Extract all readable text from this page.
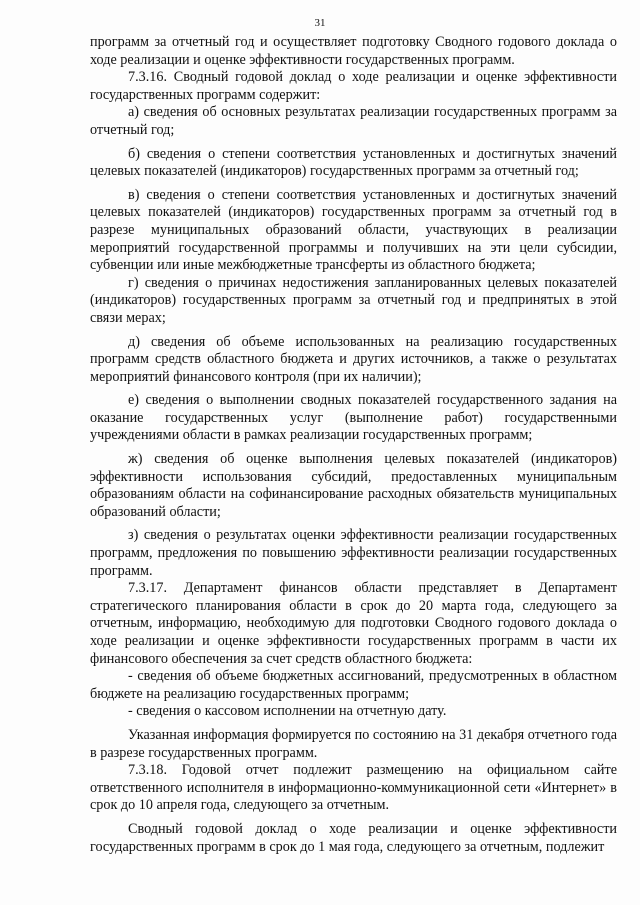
31

программ за отчетный год и осуществляет подготовку Сводного годового доклада о ходе реализации и оценке эффективности государственных программ.

7.3.16. Сводный годовой доклад о ходе реализации и оценке эффективности государственных программ содержит:

а) сведения об основных результатах реализации государственных программ за отчетный год;

б) сведения о степени соответствия установленных и достигнутых значений целевых показателей (индикаторов) государственных программ за отчетный год;

в) сведения о степени соответствия установленных и достигнутых значений целевых показателей (индикаторов) государственных программ за отчетный год в разрезе муниципальных образований области, участвующих в реализации мероприятий государственной программы и получивших на эти цели субсидии, субвенции или иные межбюджетные трансферты из областного бюджета;

г) сведения о причинах недостижения запланированных целевых показателей (индикаторов) государственных программ за отчетный год и предпринятых в этой связи мерах;

д) сведения об объеме использованных на реализацию государственных программ средств областного бюджета и других источников, а также о результатах мероприятий финансового контроля (при их наличии);

е) сведения о выполнении сводных показателей государственного задания на оказание государственных услуг (выполнение работ) государственными учреждениями области в рамках реализации государственных программ;

ж) сведения об оценке выполнения целевых показателей (индикаторов) эффективности использования субсидий, предоставленных муниципальным образованиям области на софинансирование расходных обязательств муниципальных образований области;

з) сведения о результатах оценки эффективности реализации государственных программ, предложения по повышению эффективности реализации государственных программ.

7.3.17. Департамент финансов области представляет в Департамент стратегического планирования области в срок до 20 марта года, следующего за отчетным, информацию, необходимую для подготовки Сводного годового доклада о ходе реализации и оценке эффективности государственных программ в части их финансового обеспечения за счет средств областного бюджета:

- сведения об объеме бюджетных ассигнований, предусмотренных в областном бюджете на реализацию государственных программ;

- сведения о кассовом исполнении на отчетную дату.

Указанная информация формируется по состоянию на 31 декабря отчетного года в разрезе государственных программ.

7.3.18. Годовой отчет подлежит размещению на официальном сайте ответственного исполнителя в информационно-коммуникационной сети «Интернет» в срок до 10 апреля года, следующего за отчетным.

Сводный годовой доклад о ходе реализации и оценке эффективности государственных программ в срок до 1 мая года, следующего за отчетным, подлежит
